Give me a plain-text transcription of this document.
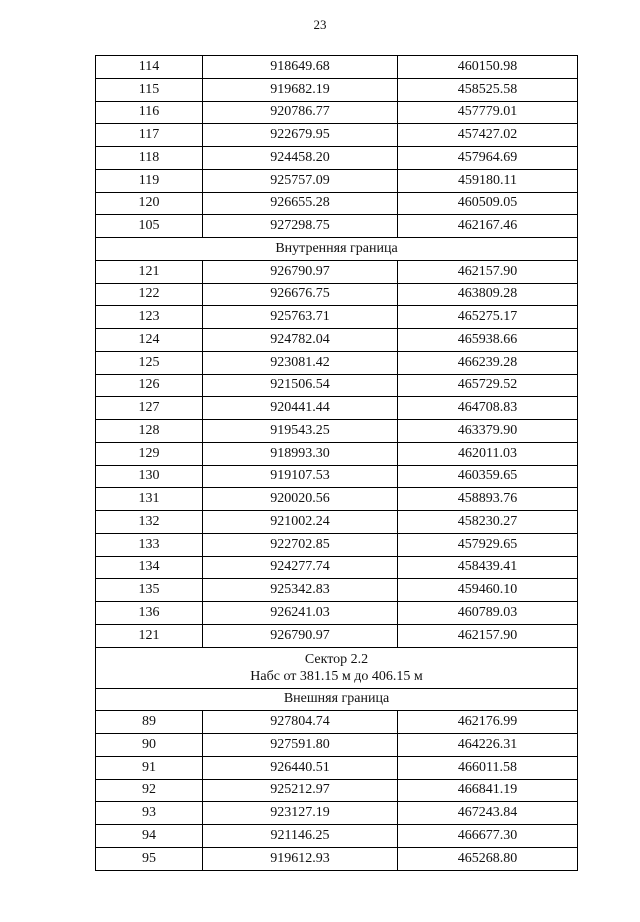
23
114	918649.68	460150.98
115	919682.19	458525.58
116	920786.77	457779.01
117	922679.95	457427.02
118	924458.20	457964.69
119	925757.09	459180.11
120	926655.28	460509.05
105	927298.75	462167.46
Внутренняя граница		
121	926790.97	462157.90
122	926676.75	463809.28
123	925763.71	465275.17
124	924782.04	465938.66
125	923081.42	466239.28
126	921506.54	465729.52
127	920441.44	464708.83
128	919543.25	463379.90
129	918993.30	462011.03
130	919107.53	460359.65
131	920020.56	458893.76
132	921002.24	458230.27
133	922702.85	457929.65
134	924277.74	458439.41
135	925342.83	459460.10
136	926241.03	460789.03
121	926790.97	462157.90

Сектор 2.2
Набс от 381.15 м до 406.15 м		

Внешняя граница		
89	927804.74	462176.99
90	927591.80	464226.31
91	926440.51	466011.58
92	925212.97	466841.19
93	923127.19	467243.84
94	921146.25	466677.30
95	919612.93	465268.80
